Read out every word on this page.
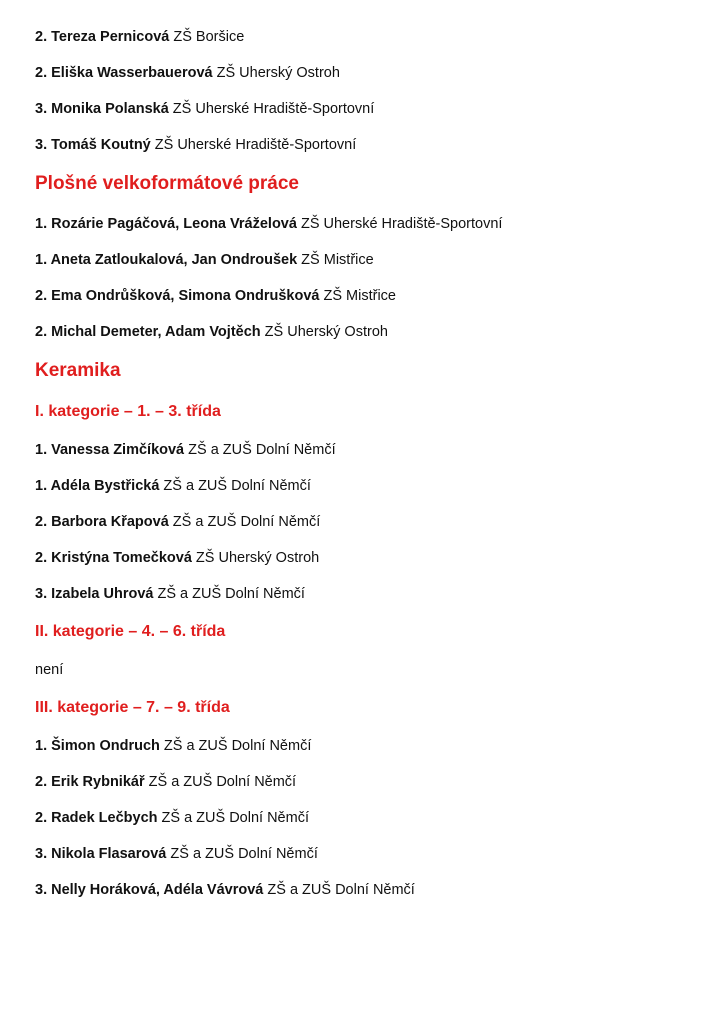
2. Tereza Pernicová ZŠ Boršice
2. Eliška Wasserbauerová ZŠ Uherský Ostroh
3. Monika Polanská ZŠ Uherské Hradiště-Sportovní
3. Tomáš Koutný ZŠ Uherské Hradiště-Sportovní
Plošné velkoformátové práce
1. Rozárie Pagáčová, Leona Vráželová ZŠ Uherské Hradiště-Sportovní
1. Aneta Zatloukalová, Jan Ondroušek ZŠ Mistřice
2. Ema Ondrůšková, Simona Ondrušková ZŠ Mistřice
2. Michal Demeter, Adam Vojtěch ZŠ Uherský Ostroh
Keramika
I. kategorie – 1. – 3. třída
1. Vanessa Zimčíková ZŠ a ZUŠ Dolní Němčí
1. Adéla Bystřická ZŠ a ZUŠ Dolní Němčí
2. Barbora Křapová ZŠ a ZUŠ Dolní Němčí
2. Kristýna Tomečková ZŠ Uherský Ostroh
3. Izabela Uhrová ZŠ a ZUŠ Dolní Němčí
II. kategorie – 4. – 6. třída
není
III. kategorie – 7. – 9. třída
1. Šimon Ondruch ZŠ a ZUŠ Dolní Němčí
2. Erik Rybnikář ZŠ a ZUŠ Dolní Němčí
2. Radek Lečbych ZŠ a ZUŠ Dolní Němčí
3. Nikola Flasarová ZŠ a ZUŠ Dolní Němčí
3. Nelly Horáková, Adéla Vávrová ZŠ a ZUŠ Dolní Němčí
